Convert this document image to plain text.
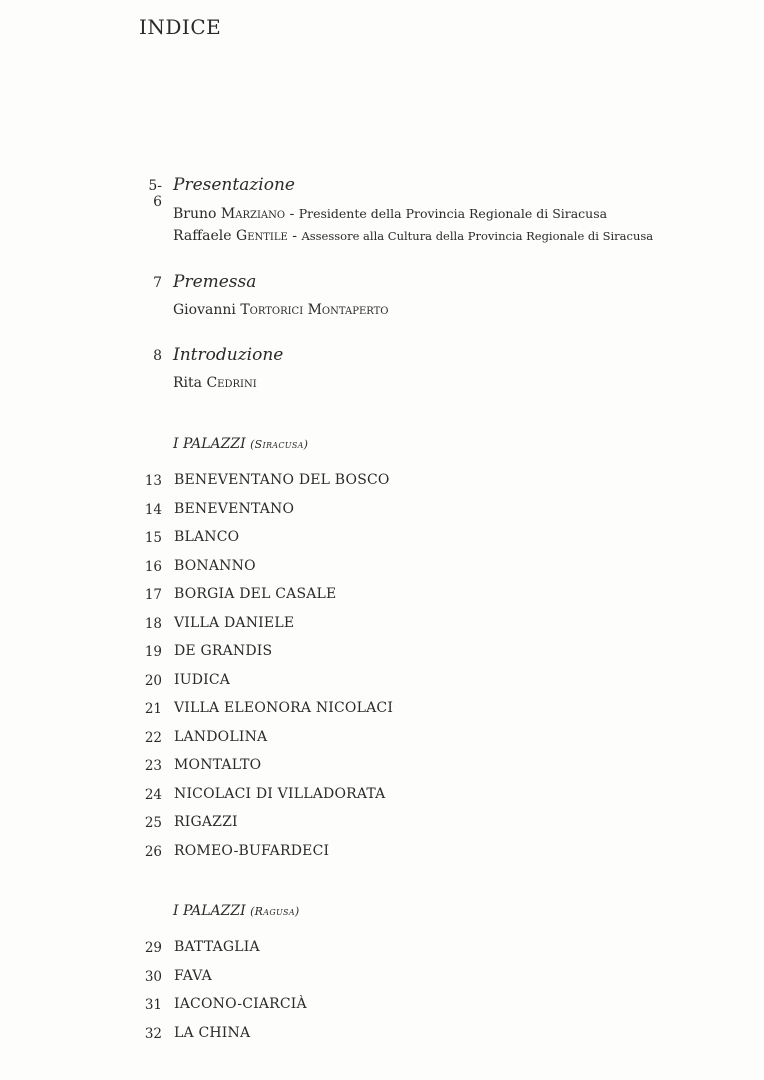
INDICE
5-6
Presentazione
Bruno Marziano - Presidente della Provincia Regionale di Siracusa
Raffaele Gentile - Assessore alla Cultura della Provincia Regionale di Siracusa
7 Premessa
Giovanni Tortorici Montaperto
8 Introduzione
Rita Cedrini
I PALAZZI (Siracusa)
13 BENEVENTANO DEL BOSCO
14 BENEVENTANO
15 BLANCO
16 BONANNO
17 BORGIA DEL CASALE
18 VILLA DANIELE
19 DE GRANDIS
20 IUDICA
21 VILLA ELEONORA NICOLACI
22 LANDOLINA
23 MONTALTO
24 NICOLACI DI VILLADORATA
25 RIGAZZI
26 ROMEO-BUFARDECI
I PALAZZI (Ragusa)
29 BATTAGLIA
30 FAVA
31 IACONO-CIARCIÀ
32 LA CHINA
